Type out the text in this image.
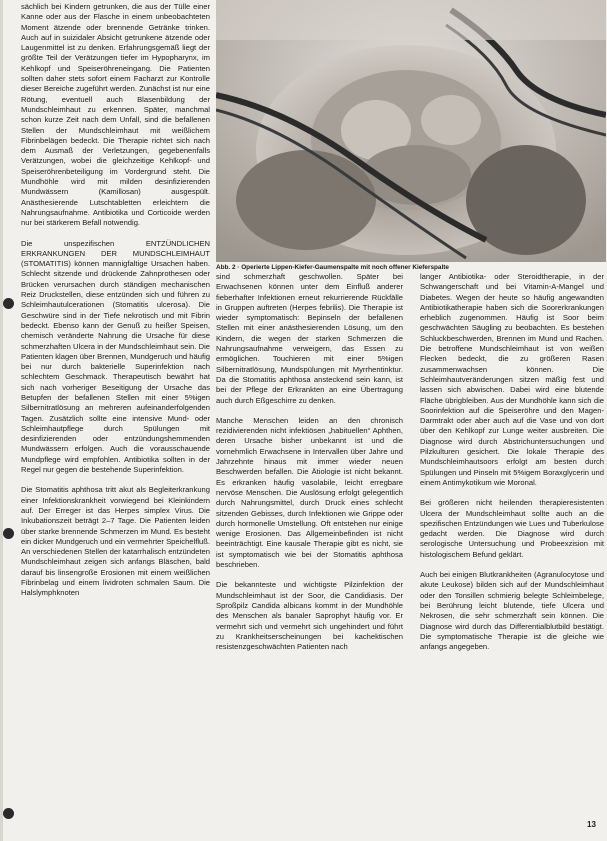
sächlich bei Kindern getrunken, die aus der Tülle einer Kanne oder aus der Flasche in einem unbeobachteten Moment ätzende oder brennende Getränke trinken. Auch auf in suizidaler Absicht getrunkene ätzende oder Laugenmittel ist zu denken. Erfahrungsgemäß liegt der größte Teil der Verätzungen tiefer im Hypopharynx, im Kehlkopf und Speiseröhreneingang. Die Patienten sollten daher stets sofort einem Facharzt zur Kontrolle dieser Bereiche zugeführt werden. Zunächst ist nur eine Rötung, eventuell auch Blasenbildung der Mundschleimhaut zu erkennen. Später, manchmal schon kurze Zeit nach dem Unfall, sind die befallenen Stellen der Mundschleimhaut mit weißlichem Fibrinbelägen bedeckt. Die Therapie richtet sich nach dem Ausmaß der Verletzungen, gegebenenfalls Verätzungen, wobei die gleichzeitige Kehlkopf- und Speiseröhrenbeteiligung im Vordergrund steht. Die Mundhöhle wird mit milden desinfizierenden Mundwässern (Kamillosan) ausgespült. Anästhesierende Lutschtabletten erleichtern die Nahrungsaufnahme. Antibiotika und Corticoide werden nur bei stärkerem Befall notwendig.

Die unspezifischen ENTZÜNDLICHEN ERKRANKUNGEN DER MUNDSCHLEIMHAUT (STOMATITIS) können mannigfaltige Ursachen haben. Schlecht sitzende und drückende Zahnprothesen oder Brücken verursachen durch ständigen mechanischen Reiz Druckstellen, diese entzünden sich und führen zu Schleimhautulcerationen (Stomatitis ulcerosa). Die Geschwüre sind in der Tiefe nekrotisch und mit Fibrin bedeckt. Ebenso kann der Genuß zu heißer Speisen, chemisch veränderte Nahrung die Ursache für diese schmerzhaften Ulcera in der Mundschleimhaut sein. Die Patienten klagen über Brennen, Mundgeruch und häufig bei nur durch bakterielle Superinfektion nach schlechtem Geschmack. Therapeutisch bewährt hat sich nach vorheriger Beseitigung der Ursache das Betupfen der befallenen Stellen mit einer 5%igen Silbernitratlösung an mehreren aufeinanderfolgenden Tagen. Zusätzlich sollte eine intensive Mund- oder Schleimhautpflege durch Spülungen mit desinfizierenden oder entzündungshemmenden Mundwässern erfolgen. Auch die vorausschauende Mundpflege wird empfohlen. Antibiotika sollten in der Regel nur gegen die bestehende Superinfektion.

Die Stomatitis aphthosa tritt akut als Begleiterkrankung einer Infektionskrankheit vorwiegend bei Kleinkindern auf. Der Erreger ist das Herpes simplex Virus. Die Inkubationszeit beträgt 2–7 Tage. Die Patienten leiden über starke brennende Schmerzen im Mund. Es besteht ein dicker Mundgeruch und ein vermehrter Speichelfluß. An verschiedenen Stellen der katarrhalisch entzündeten Mundschleimhaut zeigen sich anfangs Bläschen, bald darauf bis linsengroße Erosionen mit einem weißlichen Fibrinbelag und einem lividroten schmalen Saum. Die Halslymphknoten

Abb. 2 · Operierte Lippen-Kiefer-Gaumenspalte mit noch offener Kieferspalte

sind schmerzhaft geschwollen. Später bei Erwachsenen können unter dem Einfluß anderer fieberhafter Infektionen erneut rekurrierende Rückfälle in Gruppen auftreten (Herpes febrilis). Die Therapie ist wieder symptomatisch: Bepinseln der befallenen Stellen mit einer anästhesierenden Lösung, um den Kindern, die wegen der starken Schmerzen die Nahrungsaufnahme verweigern, das Essen zu ermöglichen. Touchieren mit einer 5%igen Silbernitratlösung, Mundspülungen mit Myrrhentinktur. Da die Stomatitis aphthosa ansteckend sein kann, ist bei der Pflege der Erkrankten an eine Übertragung auch durch Eßgeschirre zu denken.

Manche Menschen leiden an den chronisch rezidivierenden nicht infektiösen „habituellen“ Aphthen, deren Ursache bisher unbekannt ist und die vornehmlich Erwachsene in Intervallen über Jahre und Jahrzehnte hinaus mit immer wieder neuen Beschwerden befallen. Die Ätiologie ist nicht bekannt. Es erkranken häufig vasolabile, leicht erregbare nervöse Menschen. Die Auslösung erfolgt gelegentlich durch Nahrungsmittel, durch Druck eines schlecht sitzenden Gebisses, durch Infektionen wie Grippe oder durch hormonelle Umstellung. Oft entstehen nur einige wenige Erosionen. Das Allgemeinbefinden ist nicht beeinträchtigt. Eine kausale Therapie gibt es nicht, sie ist symptomatisch wie bei der Stomatitis aphthosa beschrieben.

Die bekannteste und wichtigste Pilzinfektion der Mundschleimhaut ist der Soor, die Candidiasis. Der Sproßpilz Candida albicans kommt in der Mundhöhle des Menschen als banaler Saprophyt häufig vor. Er vermehrt sich und vermehrt sich ungehindert und führt zu Krankheitserscheinungen bei kachektischen resistenzgeschwächten Patienten nach

langer Antibiotika- oder Steroidtherapie, in der Schwangerschaft und bei Vitamin-A-Mangel und Diabetes. Wegen der heute so häufig angewandten Antibiotikatherapie haben sich die Soorerkrankungen erheblich zugenommen. Häufig ist Soor beim geschwächten Säugling zu beobachten. Es bestehen Schluckbeschwerden, Brennen im Mund und Rachen. Die betroffene Mundschleimhaut ist von weißen Flecken bedeckt, die zu größeren Rasen zusammenwachsen können. Die Schleimhautveränderungen sitzen mäßig fest und lassen sich abwischen. Dabei wird eine blutende Fläche übrigbleiben. Aus der Mundhöhle kann sich die Soorinfektion auf die Speiseröhre und den Magen-Darmtrakt oder aber auch auf die Vase und von dort über den Kehlkopf zur Lunge weiter ausbreiten. Die Diagnose wird durch Abstrichuntersuchungen und Pilzkulturen gesichert. Die lokale Therapie des Mundschleimhautsoors erfolgt am besten durch Spülungen und Pinseln mit 5%igem Boraxglycerin und einem Antimykotikum wie Moronal.

Bei größeren nicht heilenden therapieresistenten Ulcera der Mundschleimhaut sollte auch an die spezifischen Entzündungen wie Lues und Tuberkulose gedacht werden. Die Diagnose wird durch serologische Untersuchung und Probeexzision mit histologischem Befund geklärt.

Auch bei einigen Blutkrankheiten (Agranulocytose und akute Leukose) bilden sich auf der Mundschleimhaut oder den Tonsillen schmierig belegte Schleimbelege, bei Berührung leicht blutende, tiefe Ulcera und Nekrosen, die sehr schmerzhaft sein können. Die Diagnose wird durch das Differentialblutbild bestätigt. Die symptomatische Therapie ist die gleiche wie anfangs angegeben.

13
